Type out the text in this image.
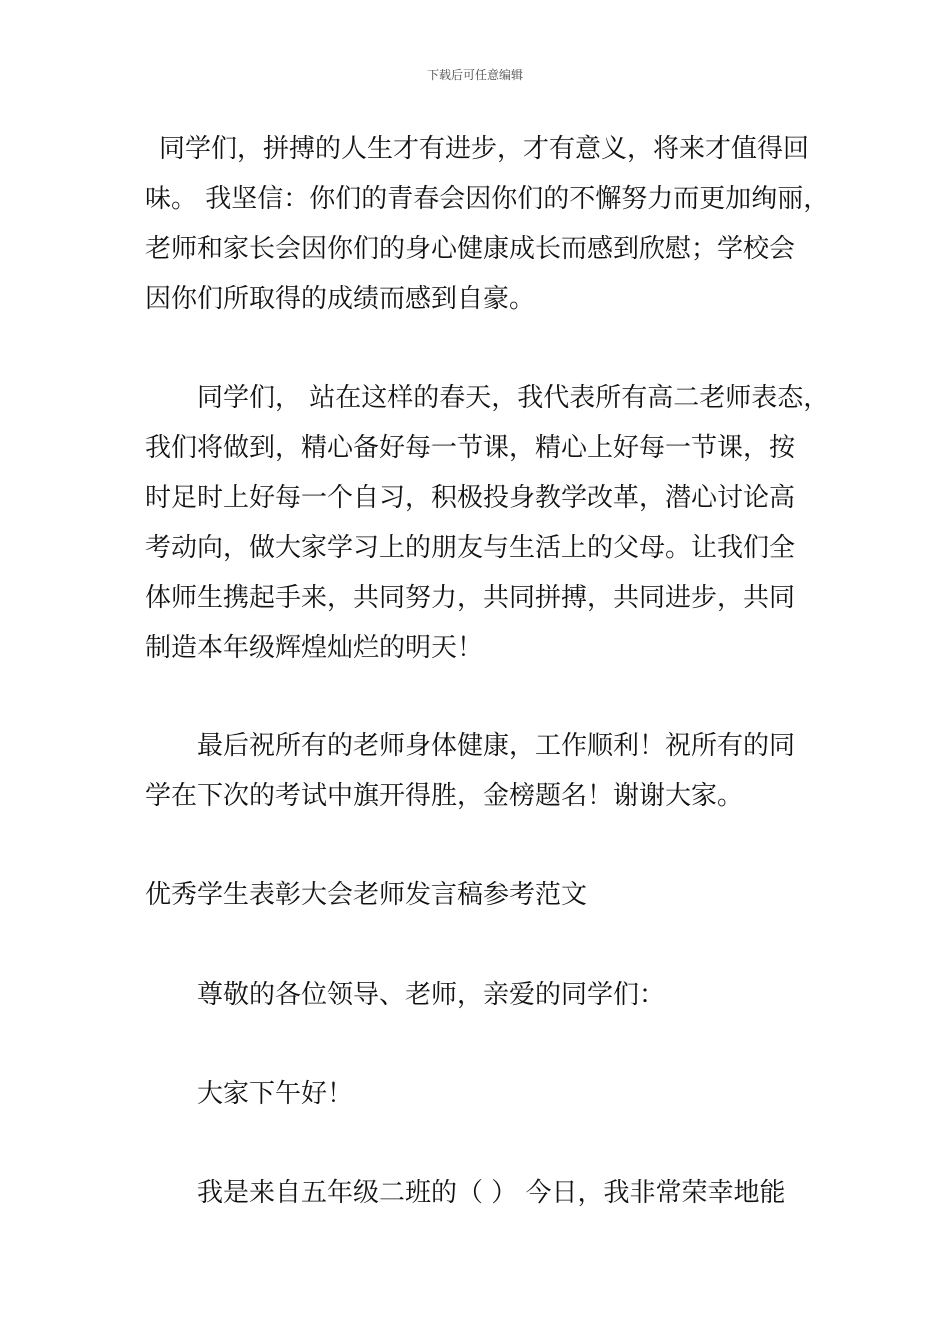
下载后可任意编辑

同学们，拼搏的人生才有进步，才有意义，将来才值得回
味。 我坚信：你们的青春会因你们的不懈努力而更加绚丽，
老师和家长会因你们的身心健康成长而感到欣慰；学校会
因你们所取得的成绩而感到自豪。

同学们， 站在这样的春天，我代表所有高二老师表态，
我们将做到，精心备好每一节课，精心上好每一节课，按
时足时上好每一个自习，积极投身教学改革，潜心讨论高
考动向，做大家学习上的朋友与生活上的父母。让我们全
体师生携起手来，共同努力，共同拼搏，共同进步，共同
制造本年级辉煌灿烂的明天！

最后祝所有的老师身体健康，工作顺利！祝所有的同
学在下次的考试中旗开得胜，金榜题名！谢谢大家。

优秀学生表彰大会老师发言稿参考范文

尊敬的各位领导、老师，亲爱的同学们：

大家下午好！

我是来自五年级二班的（ ） 今日，我非常荣幸地能
